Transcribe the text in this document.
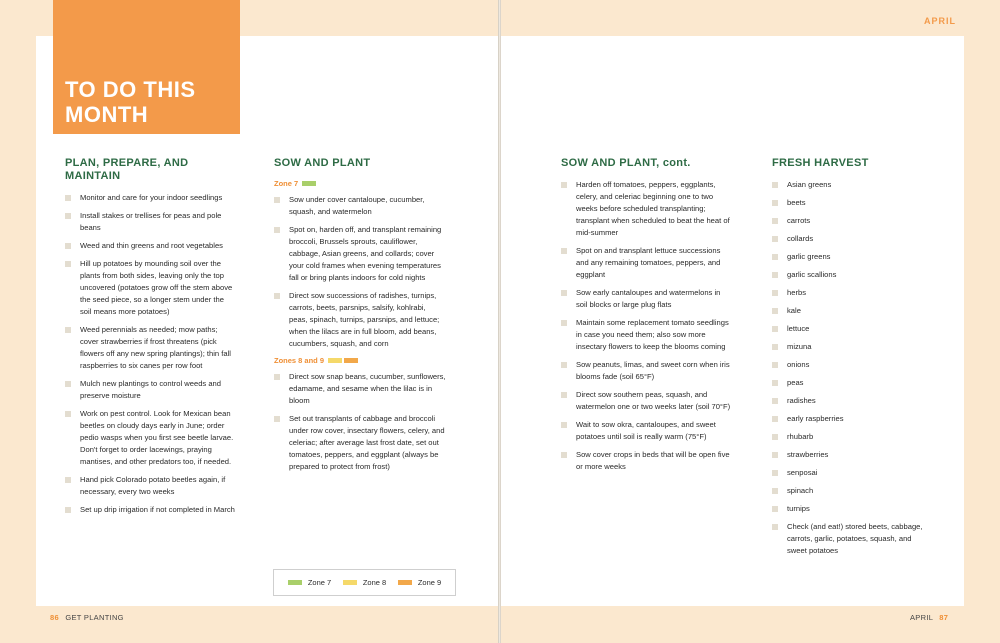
APRIL
TO DO THIS MONTH
PLAN, PREPARE, AND MAINTAIN
Monitor and care for your indoor seedlings
Install stakes or trellises for peas and pole beans
Weed and thin greens and root vegetables
Hill up potatoes by mounding soil over the plants from both sides, leaving only the top uncovered (potatoes grow off the stem above the seed piece, so a longer stem under the soil means more potatoes)
Weed perennials as needed; mow paths; cover strawberries if frost threatens (pick flowers off any new spring plantings); thin fall raspberries to six canes per row foot
Mulch new plantings to control weeds and preserve moisture
Work on pest control. Look for Mexican bean beetles on cloudy days early in June; order pedio wasps when you first see beetle larvae. Don't forget to order lacewings, praying mantises, and other predators too, if needed.
Hand pick Colorado potato beetles again, if necessary, every two weeks
Set up drip irrigation if not completed in March
SOW AND PLANT
Zone 7
Sow under cover cantaloupe, cucumber, squash, and watermelon
Spot on, harden off, and transplant remaining broccoli, Brussels sprouts, cauliflower, cabbage, Asian greens, and collards; cover your cold frames when evening temperatures fall or bring plants indoors for cold nights
Direct sow successions of radishes, turnips, carrots, beets, parsnips, salsify, kohlrabi, peas, spinach, turnips, parsnips, and lettuce; when the lilacs are in full bloom, add beans, cucumbers, squash, and corn
Zones 8 and 9
Direct sow snap beans, cucumber, sunflowers, edamame, and sesame when the lilac is in bloom
Set out transplants of cabbage and broccoli under row cover, insectary flowers, celery, and celeriac; after average last frost date, set out tomatoes, peppers, and eggplant (always be prepared to protect from frost)
Zone 7	Zone 8	Zone 9
SOW AND PLANT, cont.
Harden off tomatoes, peppers, eggplants, celery, and celeriac beginning one to two weeks before scheduled transplanting; transplant when scheduled to beat the heat of mid-summer
Spot on and transplant lettuce successions and any remaining tomatoes, peppers, and eggplant
Sow early cantaloupes and watermelons in soil blocks or large plug flats
Maintain some replacement tomato seedlings in case you need them; also sow more insectary flowers to keep the blooms coming
Sow peanuts, limas, and sweet corn when iris blooms fade (soil 65°F)
Direct sow southern peas, squash, and watermelon one or two weeks later (soil 70°F)
Wait to sow okra, cantaloupes, and sweet potatoes until soil is really warm (75°F)
Sow cover crops in beds that will be open five or more weeks
FRESH HARVEST
Asian greens
beets
carrots
collards
garlic greens
garlic scallions
herbs
kale
lettuce
mizuna
onions
peas
radishes
early raspberries
rhubarb
strawberries
senposai
spinach
turnips
Check (and eat!) stored beets, cabbage, carrots, garlic, potatoes, squash, and sweet potatoes
86 GET PLANTING	APRIL 87
